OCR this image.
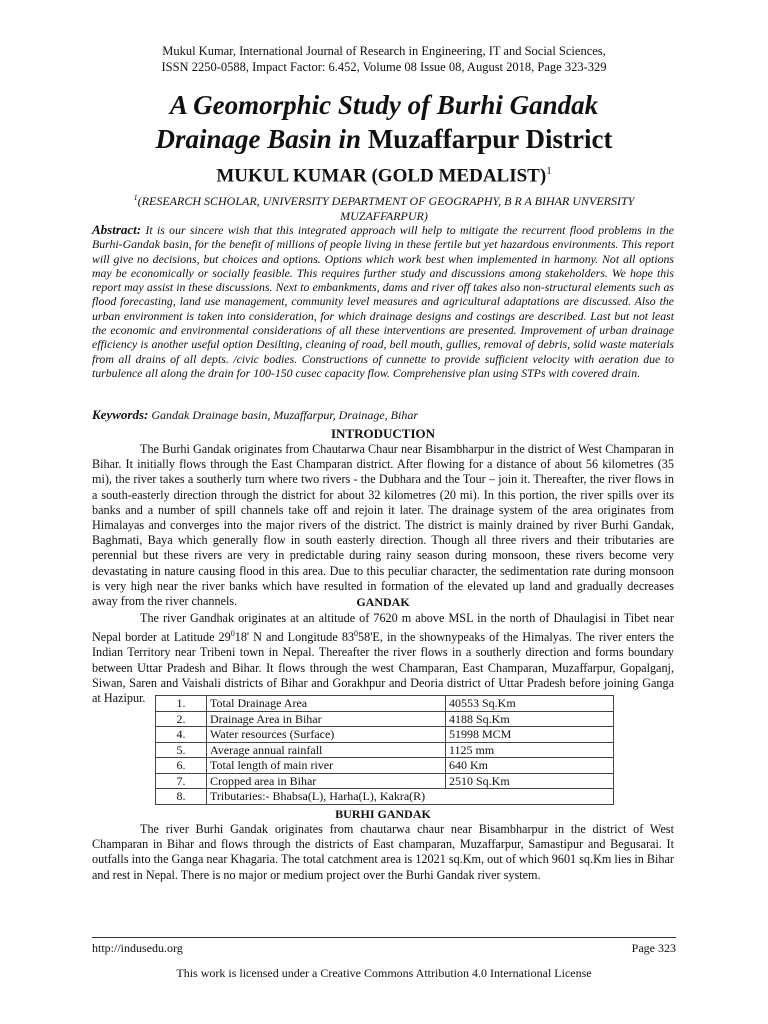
Mukul Kumar, International Journal of Research in Engineering, IT and Social Sciences,
ISSN 2250-0588, Impact Factor: 6.452, Volume 08 Issue 08, August 2018, Page 323-329
A Geomorphic Study of Burhi Gandak
Drainage Basin in Muzaffarpur District
MUKUL KUMAR (GOLD MEDALIST)$^1$
$^1$(RESEARCH SCHOLAR, UNIVERSITY DEPARTMENT OF GEOGRAPHY, B R A BIHAR UNVERSITY MUZAFFARPUR)
Abstract: It is our sincere wish that this integrated approach will help to mitigate the recurrent flood problems in the Burhi-Gandak basin, for the benefit of millions of people living in these fertile but yet hazardous environments. This report will give no decisions, but choices and options. Options which work best when implemented in harmony. Not all options may be economically or socially feasible. This requires further study and discussions among stakeholders. We hope this report may assist in these discussions. Next to embankments, dams and river off takes also non-structural elements such as flood forecasting, land use management, community level measures and agricultural adaptations are discussed. Also the urban environment is taken into consideration, for which drainage designs and costings are described. Last but not least the economic and environmental considerations of all these interventions are presented. Improvement of urban drainage efficiency is another useful option Desilting, cleaning of road, bell mouth, gullies, removal of debris, solid waste materials from all drains of all depts. /civic bodies. Constructions of cunnette to provide sufficient velocity with aeration due to turbulence all along the drain for 100-150 cusec capacity flow. Comprehensive plan using STPs with covered drain.
Keywords: Gandak Drainage basin, Muzaffarpur, Drainage, Bihar
INTRODUCTION
The Burhi Gandak originates from Chautarwa Chaur near Bisambharpur in the district of West Champaran in Bihar. It initially flows through the East Champaran district. After flowing for a distance of about 56 kilometres (35 mi), the river takes a southerly turn where two rivers - the Dubhara and the Tour – join it. Thereafter, the river flows in a south-easterly direction through the district for about 32 kilometres (20 mi). In this portion, the river spills over its banks and a number of spill channels take off and rejoin it later. The drainage system of the area originates from Himalayas and converges into the major rivers of the district. The district is mainly drained by river Burhi Gandak, Baghmati, Baya which generally flow in south easterly direction. Though all three rivers and their tributaries are perennial but these rivers are very in predictable during rainy season during monsoon, these rivers become very devastating in nature causing flood in this area. Due to this peculiar character, the sedimentation rate during monsoon is very high near the river banks which have resulted in formation of the elevated up land and gradually decreases away from the river channels.	GANDAK
The river Gandhak originates at an altitude of 7620 m above MSL in the north of Dhaulagisi in Tibet near Nepal border at Latitude $29^018'$ N and Longitude $83^058'E$, in the shownypeaks of the Himalyas. The river enters the Indian Territory near Tribeni town in Nepal. Thereafter the river flows in a southerly direction and forms boundary between Uttar Pradesh and Bihar. It flows through the west Champaran, East Champaran, Muzaffarpur, Gopalganj, Siwan, Saren and Vaishali districts of Bihar and Gorakhpur and Deoria district of Uttar Pradesh before joining Ganga at Hazipur.	1.	Total Drainage Area	40553 Sq.Km
2.	Drainage Area in Bihar	4188 Sq.Km
4.	Water resources (Surface)	51998 MCM
5.	Average annual rainfall	1125 mm
6.	Total length of main river	640 Km
7.	Cropped area in Bihar	2510 Sq.Km
8.	Tributaries:- Bhabsa(L), Harha(L), Kakra(R)	
BURHI GANDAK
The river Burhi Gandak originates from chautarwa chaur near Bisambharpur in the district of West Champaran in Bihar and flows through the districts of East champaran, Muzaffarpur, Samastipur and Begusarai. It outfalls into the Ganga near Khagaria. The total catchment area is 12021 sq.Km, out of which 9601 sq.Km lies in Bihar and rest in Nepal. There is no major or medium project over the Burhi Gandak river system.
http://indusedu.org	Page 323
This work is licensed under a Creative Commons Attribution 4.0 International License
